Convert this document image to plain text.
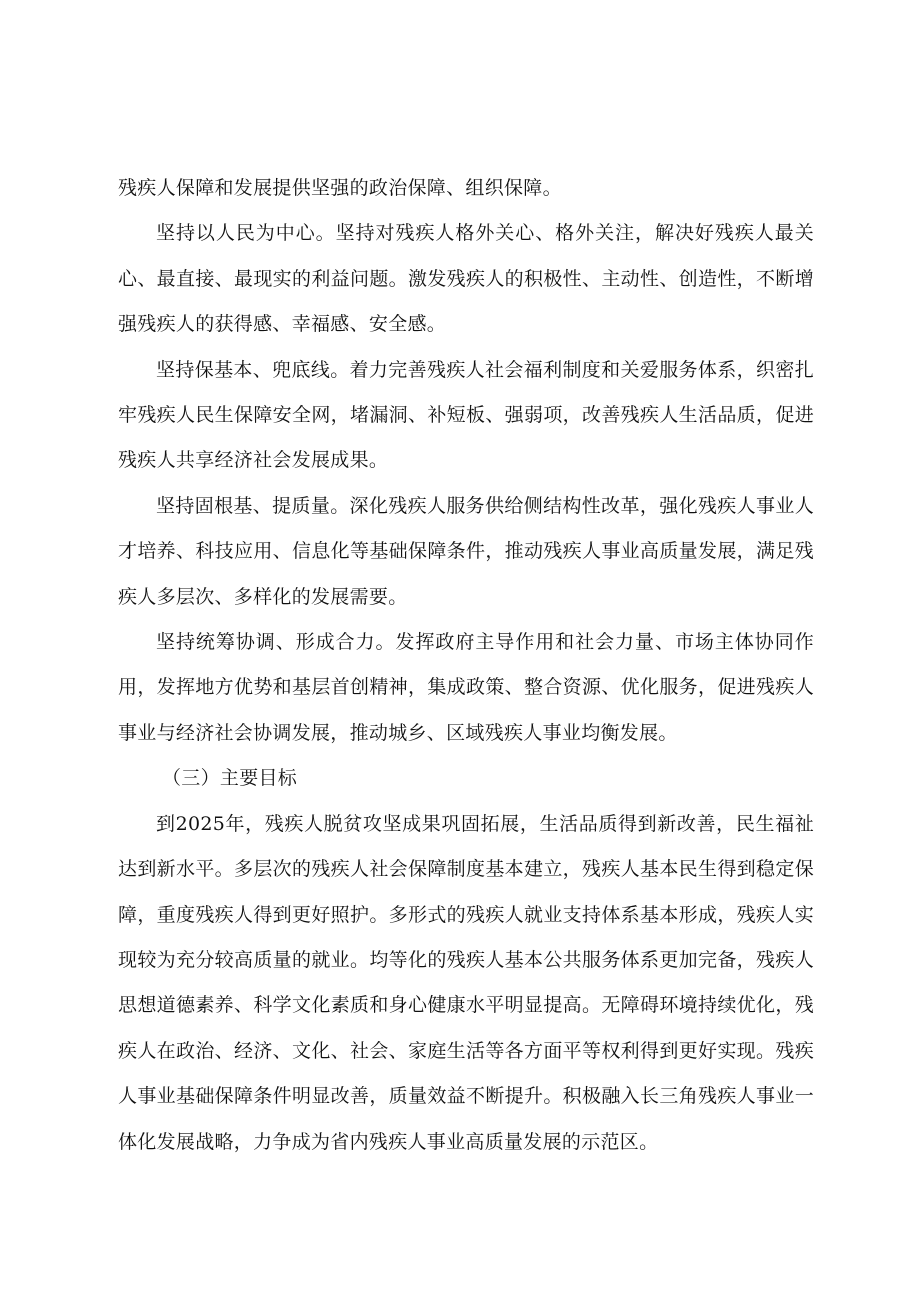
残疾人保障和发展提供坚强的政治保障、组织保障。

坚持以人民为中心。坚持对残疾人格外关心、格外关注，解决好残疾人最关心、最直接、最现实的利益问题。激发残疾人的积极性、主动性、创造性，不断增强残疾人的获得感、幸福感、安全感。

坚持保基本、兜底线。着力完善残疾人社会福利制度和关爱服务体系，织密扎牢残疾人民生保障安全网，堵漏洞、补短板、强弱项，改善残疾人生活品质，促进残疾人共享经济社会发展成果。

坚持固根基、提质量。深化残疾人服务供给侧结构性改革，强化残疾人事业人才培养、科技应用、信息化等基础保障条件，推动残疾人事业高质量发展，满足残疾人多层次、多样化的发展需要。

坚持统筹协调、形成合力。发挥政府主导作用和社会力量、市场主体协同作用，发挥地方优势和基层首创精神，集成政策、整合资源、优化服务，促进残疾人事业与经济社会协调发展，推动城乡、区域残疾人事业均衡发展。

（三）主要目标

到2025年，残疾人脱贫攻坚成果巩固拓展，生活品质得到新改善，民生福祉达到新水平。多层次的残疾人社会保障制度基本建立，残疾人基本民生得到稳定保障，重度残疾人得到更好照护。多形式的残疾人就业支持体系基本形成，残疾人实现较为充分较高质量的就业。均等化的残疾人基本公共服务体系更加完备，残疾人思想道德素养、科学文化素质和身心健康水平明显提高。无障碍环境持续优化，残疾人在政治、经济、文化、社会、家庭生活等各方面平等权利得到更好实现。残疾人事业基础保障条件明显改善，质量效益不断提升。积极融入长三角残疾人事业一体化发展战略，力争成为省内残疾人事业高质量发展的示范区。
